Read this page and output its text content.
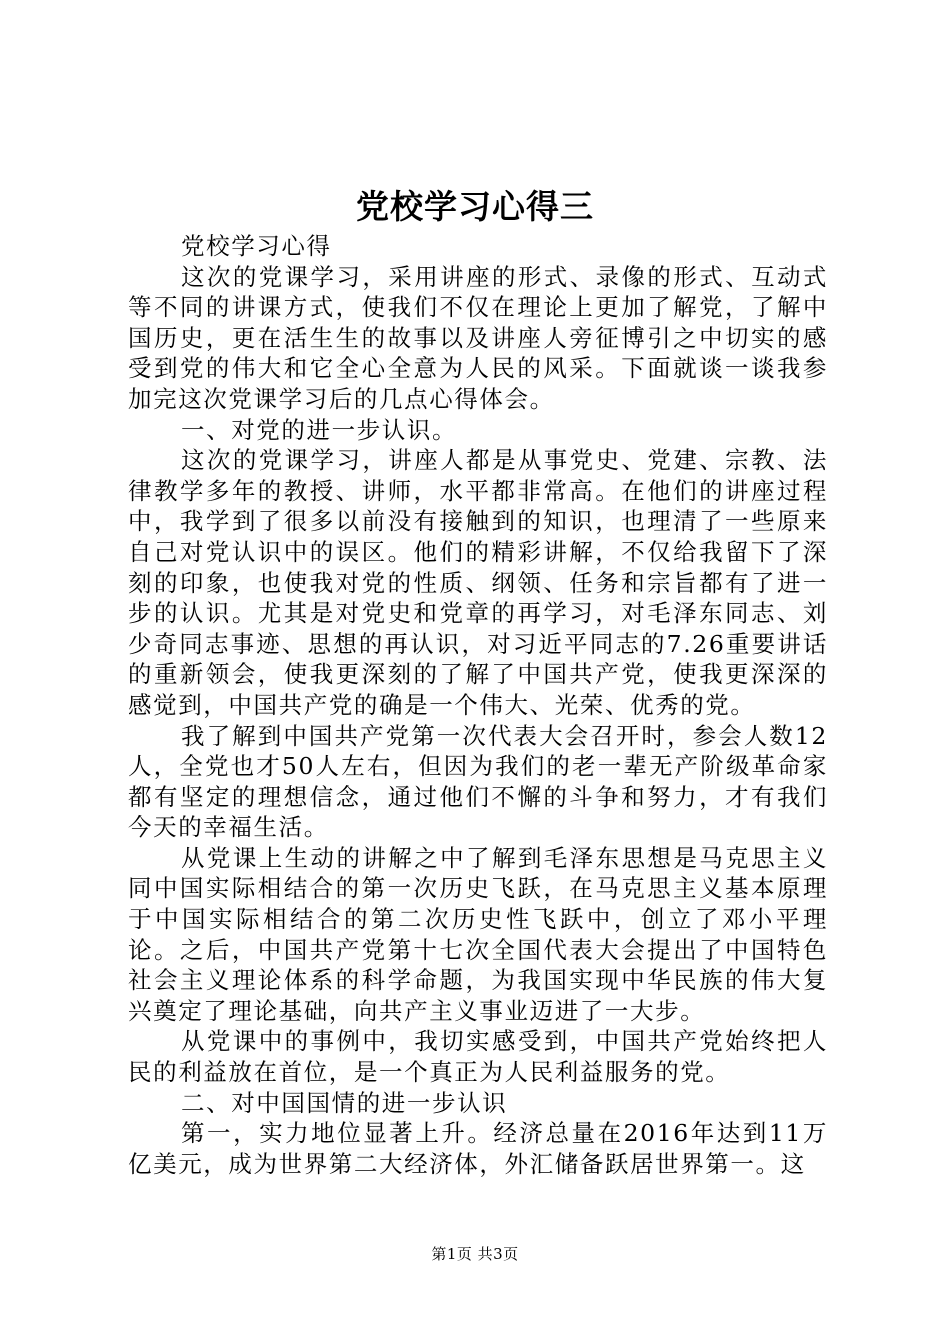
党校学习心得三

党校学习心得

这次的党课学习，采用讲座的形式、录像的形式、互动式等不同的讲课方式，使我们不仅在理论上更加了解党，了解中国历史，更在活生生的故事以及讲座人旁征博引之中切实的感受到党的伟大和它全心全意为人民的风采。下面就谈一谈我参加完这次党课学习后的几点心得体会。

一、对党的进一步认识。

这次的党课学习，讲座人都是从事党史、党建、宗教、法律教学多年的教授、讲师，水平都非常高。在他们的讲座过程中，我学到了很多以前没有接触到的知识，也理清了一些原来自己对党认识中的误区。他们的精彩讲解，不仅给我留下了深刻的印象，也使我对党的性质、纲领、任务和宗旨都有了进一步的认识。尤其是对党史和党章的再学习，对毛泽东同志、刘少奇同志事迹、思想的再认识，对习近平同志的7.26重要讲话的重新领会，使我更深刻的了解了中国共产党，使我更深深的感觉到，中国共产党的确是一个伟大、光荣、优秀的党。

我了解到中国共产党第一次代表大会召开时，参会人数12人，全党也才50人左右，但因为我们的老一辈无产阶级革命家都有坚定的理想信念，通过他们不懈的斗争和努力，才有我们今天的幸福生活。

从党课上生动的讲解之中了解到毛泽东思想是马克思主义同中国实际相结合的第一次历史飞跃，在马克思主义基本原理于中国实际相结合的第二次历史性飞跃中，创立了邓小平理论。之后，中国共产党第十七次全国代表大会提出了中国特色社会主义理论体系的科学命题，为我国实现中华民族的伟大复兴奠定了理论基础，向共产主义事业迈进了一大步。

从党课中的事例中，我切实感受到，中国共产党始终把人民的利益放在首位，是一个真正为人民利益服务的党。

二、对中国国情的进一步认识

第一，实力地位显著上升。经济总量在2016年达到11万亿美元，成为世界第二大经济体，外汇储备跃居世界第一。这

第1页 共3页
